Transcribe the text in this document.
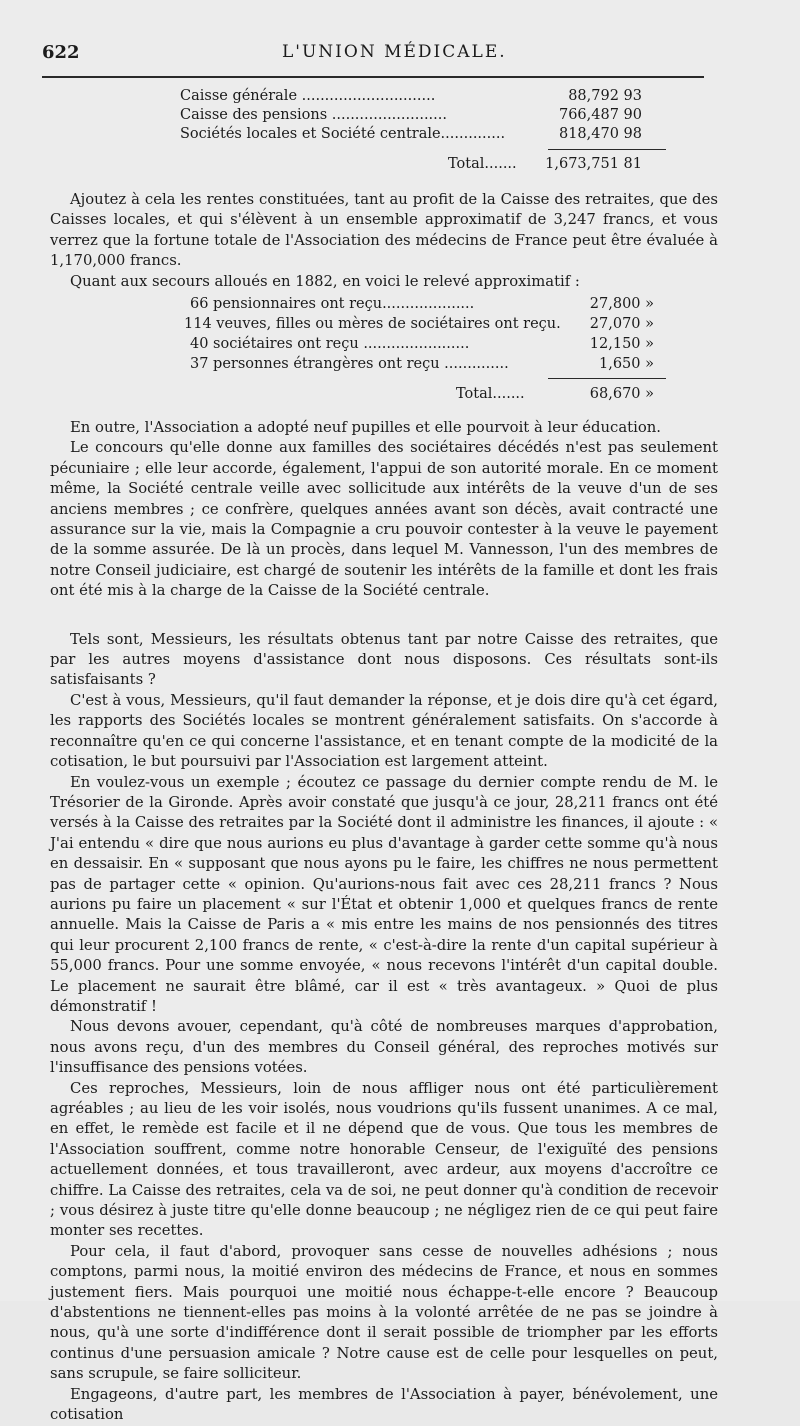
622	L'UNION MÉDICALE.
Caisse générale .............................	88,792 93
Caisse des pensions .........................	766,487 90
Sociétés locales et Société centrale..............	818,470 98
Total....... 1,673,751 81

Ajoutez à cela les rentes constituées, tant au profit de la Caisse des retraites, que des Caisses locales, et qui s'élèvent à un ensemble approximatif de 3,247 francs, et vous verrez que la fortune totale de l'Association des médecins de France peut être évaluée à 1,170,000 francs.

Quant aux secours alloués en 1882, en voici le relevé approximatif :

66 pensionnaires ont reçu....................	27,800 »
114 veuves, filles ou mères de sociétaires ont reçu. 27,070 »
40 sociétaires ont reçu .......................	12,150 »
37 personnes étrangères ont reçu ..............	1,650 »
Total.......	68,670 »

En outre, l'Association a adopté neuf pupilles et elle pourvoit à leur éducation.

Le concours qu'elle donne aux familles des sociétaires décédés n'est pas seulement pécuniaire ; elle leur accorde, également, l'appui de son autorité morale. En ce moment même, la Société centrale veille avec sollicitude aux intérêts de la veuve d'un de ses anciens membres ; ce confrère, quelques années avant son décès, avait contracté une assurance sur la vie, mais la Compagnie a cru pouvoir contester à la veuve le payement de la somme assurée. De là un procès, dans lequel M. Vannesson, l'un des membres de notre Conseil judiciaire, est chargé de soutenir les intérêts de la famille et dont les frais ont été mis à la charge de la Caisse de la Société centrale.

Tels sont, Messieurs, les résultats obtenus tant par notre Caisse des retraites, que par les autres moyens d'assistance dont nous disposons. Ces résultats sont-ils satisfaisants ?

C'est à vous, Messieurs, qu'il faut demander la réponse, et je dois dire qu'à cet égard, les rapports des Sociétés locales se montrent généralement satisfaits. On s'accorde à reconnaître qu'en ce qui concerne l'assistance, et en tenant compte de la modicité de la cotisation, le but poursuivi par l'Association est largement atteint.

En voulez-vous un exemple ; écoutez ce passage du dernier compte rendu de M. le Trésorier de la Gironde. Après avoir constaté que jusqu'à ce jour, 28,211 francs ont été versés à la Caisse des retraites par la Société dont il administre les finances, il ajoute : « J'ai entendu « dire que nous aurions eu plus d'avantage à garder cette somme qu'à nous en dessaisir. En « supposant que nous ayons pu le faire, les chiffres ne nous permettent pas de partager cette « opinion. Qu'aurions-nous fait avec ces 28,211 francs ? Nous aurions pu faire un placement « sur l'État et obtenir 1,000 et quelques francs de rente annuelle. Mais la Caisse de Paris a « mis entre les mains de nos pensionnés des titres qui leur procurent 2,100 francs de rente, « c'est-à-dire la rente d'un capital supérieur à 55,000 francs. Pour une somme envoyée, « nous recevons l'intérêt d'un capital double. Le placement ne saurait être blâmé, car il est « très avantageux. » Quoi de plus démonstratif !

Nous devons avouer, cependant, qu'à côté de nombreuses marques d'approbation, nous avons reçu, d'un des membres du Conseil général, des reproches motivés sur l'insuffisance des pensions votées.

Ces reproches, Messieurs, loin de nous affliger nous ont été particulièrement agréables ; au lieu de les voir isolés, nous voudrions qu'ils fussent unanimes. A ce mal, en effet, le remède est facile et il ne dépend que de vous. Que tous les membres de l'Association souffrent, comme notre honorable Censeur, de l'exiguïté des pensions actuellement données, et tous travailleront, avec ardeur, aux moyens d'accroître ce chiffre. La Caisse des retraites, cela va de soi, ne peut donner qu'à condition de recevoir ; vous désirez à juste titre qu'elle donne beaucoup ; ne négligez rien de ce qui peut faire monter ses recettes.

Pour cela, il faut d'abord, provoquer sans cesse de nouvelles adhésions ; nous comptons, parmi nous, la moitié environ des médecins de France, et nous en sommes justement fiers. Mais pourquoi une moitié nous échappe-t-elle encore ? Beaucoup d'abstentions ne tiennent-elles pas moins à la volonté arrêtée de ne pas se joindre à nous, qu'à une sorte d'indifférence dont il serait possible de triompher par les efforts continus d'une persuasion amicale ? Notre cause est de celle pour lesquelles on peut, sans scrupule, se faire solliciteur.

Engageons, d'autre part, les membres de l'Association à payer, bénévolement, une cotisation
